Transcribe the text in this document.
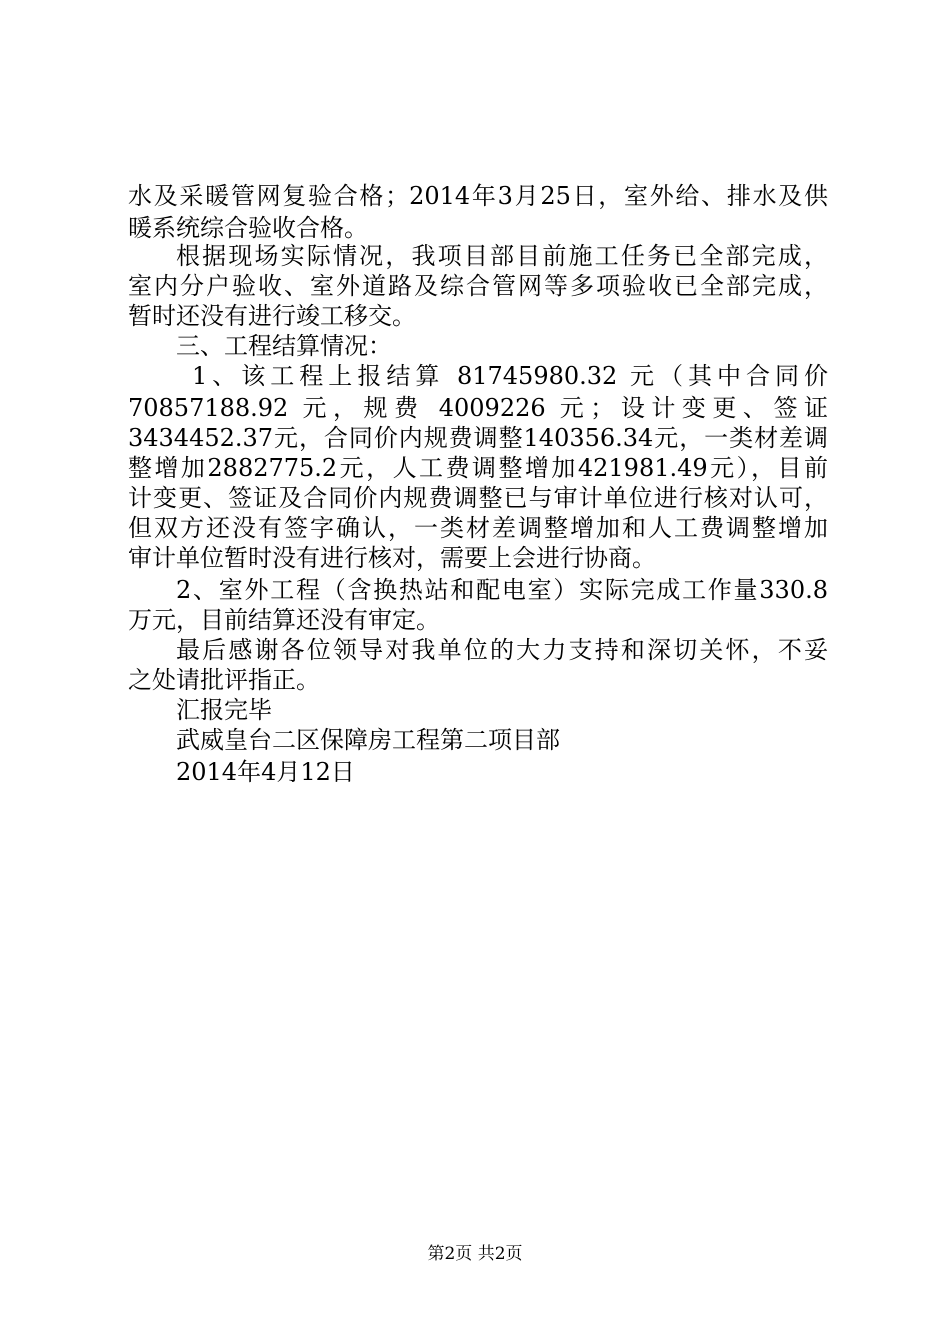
水及采暖管网复验合格；2014年3月25日，室外给、排水及供
暖系统综合验收合格。
根据现场实际情况，我项目部目前施工任务已全部完成，
室内分户验收、室外道路及综合管网等多项验收已全部完成，
暂时还没有进行竣工移交。
三、工程结算情况：
1、该工程上报结算 81745980.32 元（其中合同价
70857188.92 元，规费 4009226 元；设计变更、签证
3434452.37元，合同价内规费调整140356.34元，一类材差调
整增加2882775.2元，人工费调整增加421981.49元），目前
计变更、签证及合同价内规费调整已与审计单位进行核对认可，
但双方还没有签字确认，一类材差调整增加和人工费调整增加
审计单位暂时没有进行核对，需要上会进行协商。
2、室外工程（含换热站和配电室）实际完成工作量330.8
万元，目前结算还没有审定。
最后感谢各位领导对我单位的大力支持和深切关怀，不妥
之处请批评指正。
汇报完毕
武威皇台二区保障房工程第二项目部
2014年4月12日
第2页 共2页
